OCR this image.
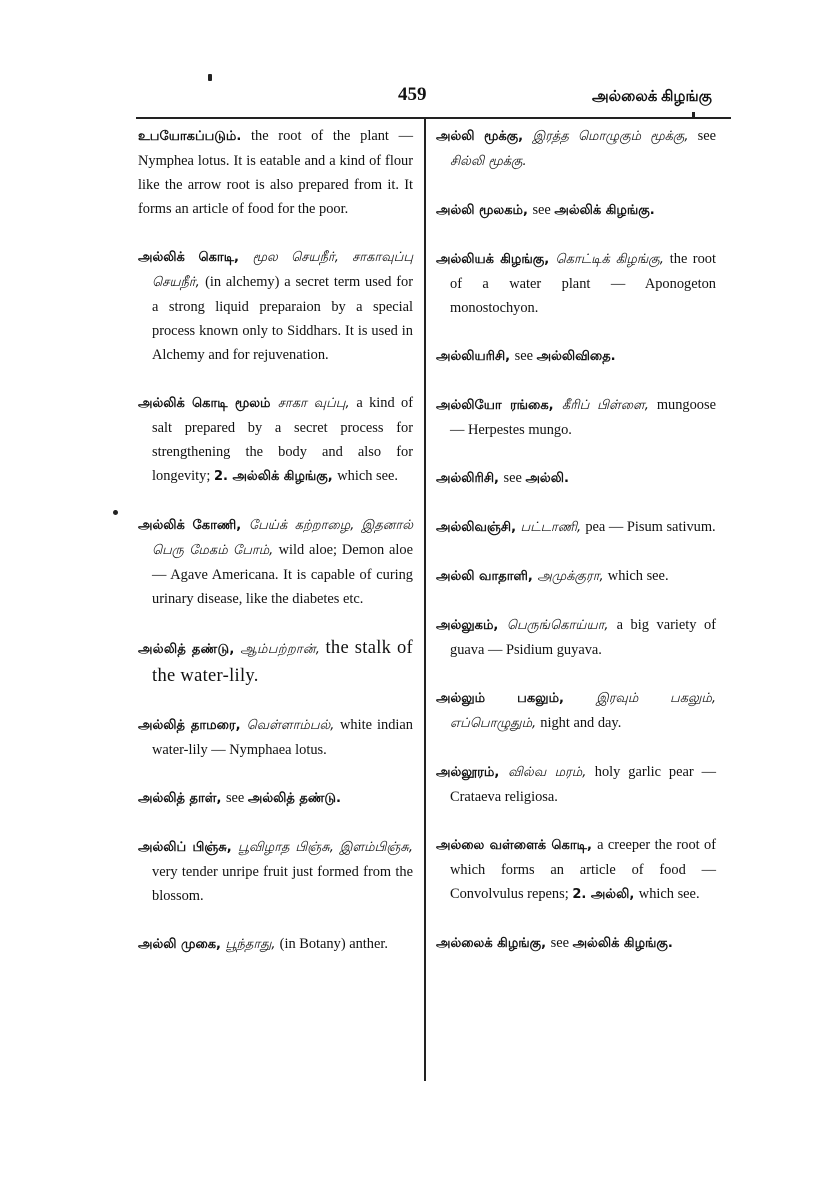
459	அல்லைக் கிழங்கு
உபயோகப்படும். the root of the plant — Nymphea lotus. It is eatable and a kind of flour like the arrow root is also prepared from it. It forms an article of food for the poor.
அல்லிக் கொடி, மூல செயநீர், சாகாவுப்பு செயநீர், (in alchemy) a secret term used for a strong liquid preparaion by a special process known only to Siddhars. It is used in Alchemy and for rejuvenation.
அல்லிக் கொடி மூலம் சாகா வுப்பு, a kind of salt prepared by a secret process for strengthening the body and also for longevity; 2. அல்லிக் கிழங்கு, which see.
அல்லிக் கோணி, பேய்க் கற்றாழை, இதனால் பெரு மேகம் போம், wild aloe; Demon aloe — Agave Americana. It is capable of curing urinary disease, like the diabetes etc.
அல்லித் தண்டு, ஆம்பற்றான், the stalk of the water-lily.
அல்லித் தாமரை, வெள்ளாம்பல், white indian water-lily — Nymphaea lotus.
அல்லித் தாள், see அல்லித் தண்டு.
அல்லிப் பிஞ்சு, பூவிழாத பிஞ்சு, இளம்பிஞ்சு, very tender unripe fruit just formed from the blossom.
அல்லி முகை, பூந்தாது, (in Botany) anther.
அல்லி மூக்கு, இரத்த மொழுகும் மூக்கு, see சில்லி மூக்கு.
அல்லி மூலகம், see அல்லிக் கிழங்கு.
அல்லியக் கிழங்கு, கொட்டிக் கிழங்கு, the root of a water plant — Aponogeton monostochyon.
அல்லியரிசி, see அல்லிவிதை.
அல்லியோ ரங்கை, கீரிப் பிள்ளை, mungoose — Herpestes mungo.
அல்லிரிசி, see அல்லி.
அல்லிவஞ்சி, பட்டாணி, pea — Pisum sativum.
அல்லி வாதாளி, அமுக்குரா, which see.
அல்லுகம், பெருங்கொய்யா, a big variety of guava — Psidium guyava.
அல்லும் பகலும், இரவும் பகலும், எப்பொழுதும், night and day.
அல்லூரம், வில்வ மரம், holy garlic pear — Crataeva religiosa.
அல்லை வள்ளைக் கொடி, a creeper the root of which forms an article of food — Convolvulus repens; 2. அல்லி, which see.
அல்லைக் கிழங்கு, see அல்லிக் கிழங்கு.
